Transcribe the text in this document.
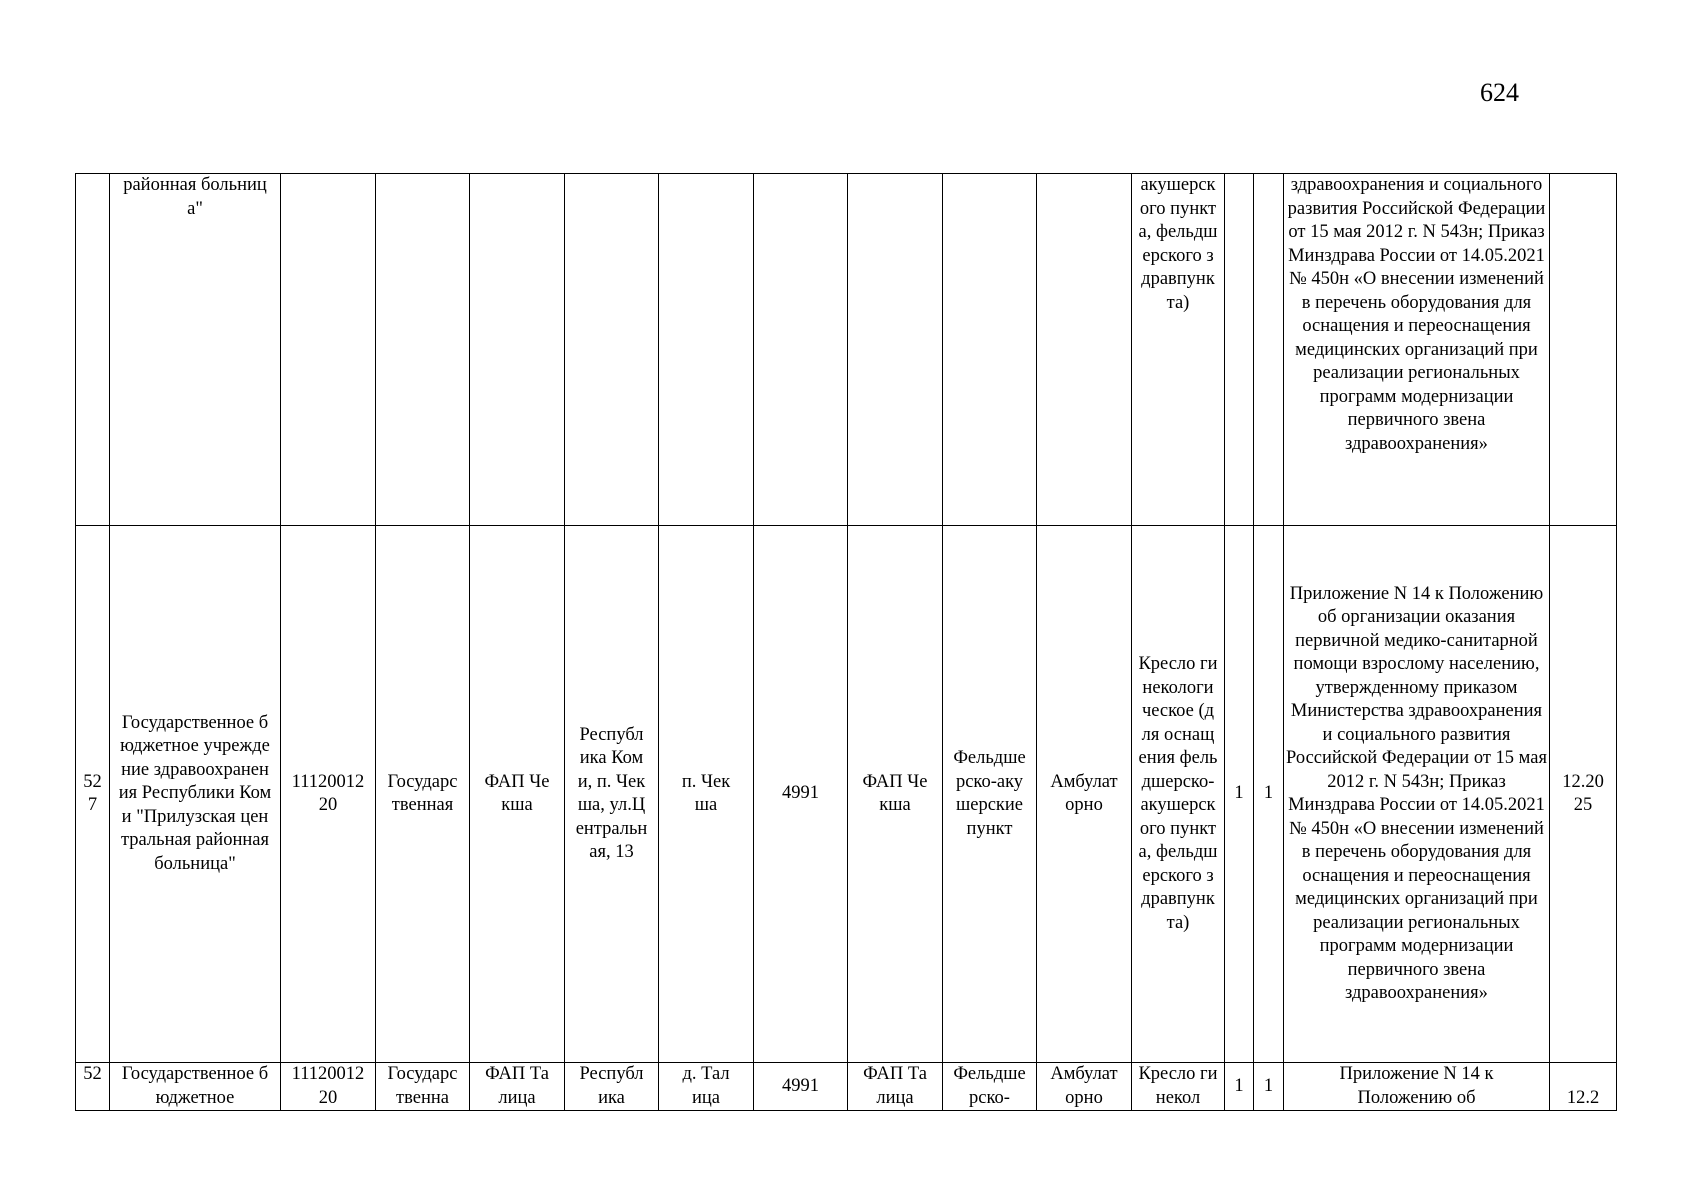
624
	районная больница"										акушерского пункта, фельдшерского здравпункта)			здравоохранения и социального развития Российской Федерации от 15 мая 2012 г. N 543н; Приказ Минздрава России от 14.05.2021 № 450н «О внесении изменений в перечень оборудования для оснащения и переоснащения медицинских организаций при реализации региональных программ модернизации первичного звена здравоохранения»	

527	Государственное бюджетное учреждение здравоохранения Республики Коми "Прилузская центральная районная больница"	1112001220	Государственная	ФАП Чекша	Республика Коми, п. Чекша, ул.Центральная, 13	п. Чекша	4991	ФАП Чекша	Фельдшерско-акушерские пункт	Амбулаторно	Кресло гинекологическое (для оснащения фельдшерско-акушерского пункта, фельдшерского здравпункта)	1	1	Приложение N 14 к Положению об организации оказания первичной медико-санитарной помощи взрослому населению, утвержденному приказом Министерства здравоохранения и социального развития Российской Федерации от 15 мая 2012 г. N 543н; Приказ Минздрава России от 14.05.2021 № 450н «О внесении изменений в перечень оборудования для оснащения и переоснащения медицинских организаций при реализации региональных программ модернизации первичного звена здравоохранения»	12.2025

52	Государственное бюджетное	1112001220	Государственна	ФАП Талица	Республика	д. Талица	4991	ФАП Талица	Фельдшерско-	Амбулаторно	Кресло гинекол	1	1	Приложение N 14 к Положению об	12.2
